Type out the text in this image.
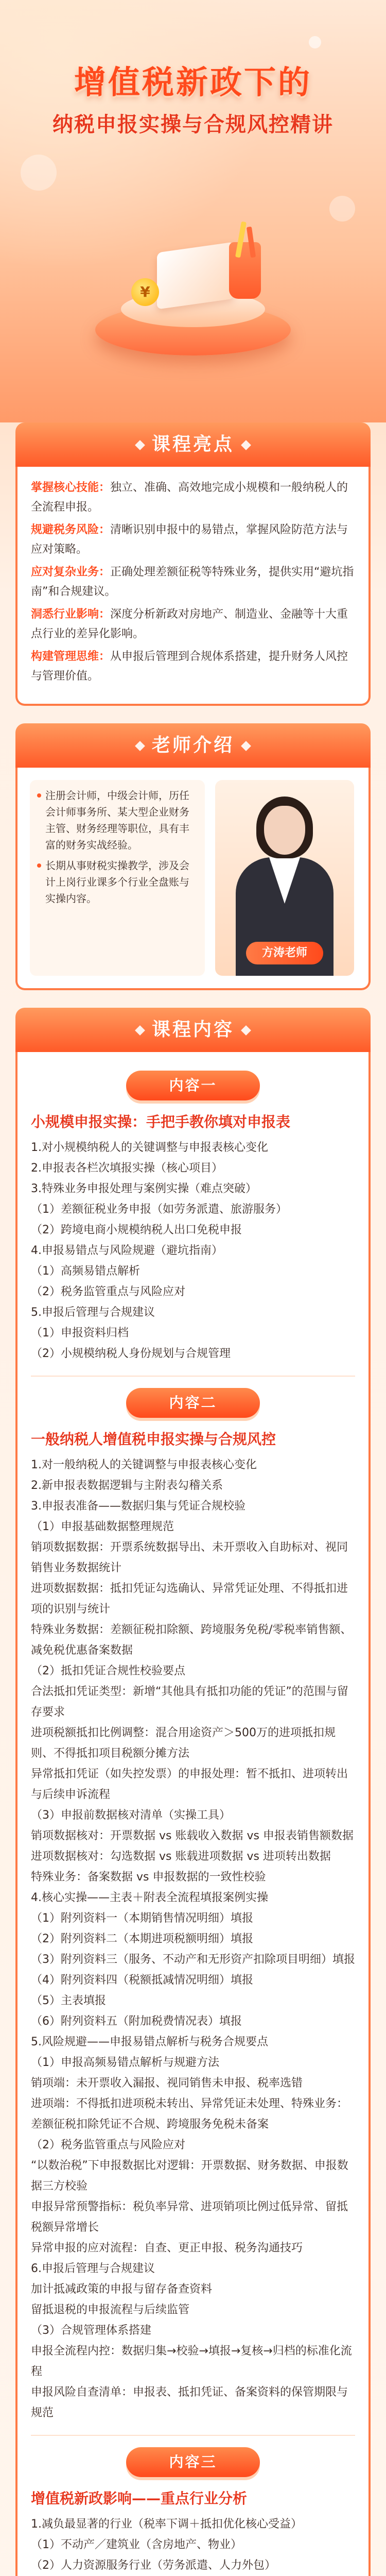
增值税新政下的
纳税申报实操与合规风控精讲
¥
课程亮点

掌握核心技能：独立、准确、高效地完成小规模和一般纳税人的全流程申报。

规避税务风险：清晰识别申报中的易错点，掌握风险防范方法与应对策略。

应对复杂业务：正确处理差额征税等特殊业务，提供实用“避坑指南”和合规建议。

洞悉行业影响：深度分析新政对房地产、制造业、金融等十大重点行业的差异化影响。

构建管理思维：从申报后管理到合规体系搭建，提升财务人风控与管理价值。

老师介绍
注册会计师，中级会计师，历任会计师事务所、某大型企业财务主管、财务经理等职位，具有丰富的财务实战经验。
长期从事财税实操教学，涉及会计上岗行业课多个行业全盘账与实操内容。
方涛老师
课程内容
内容一
小规模申报实操：手把手教你填对申报表

1.对小规模纳税人的关键调整与申报表核心变化

2.申报表各栏次填报实操（核心项目）

3.特殊业务申报处理与案例实操（难点突破）

（1）差额征税业务申报（如劳务派遣、旅游服务）

（2）跨境电商小规模纳税人出口免税申报

4.申报易错点与风险规避（避坑指南）

（1）高频易错点解析

（2）税务监管重点与风险应对

5.申报后管理与合规建议

（1）申报资料归档

（2）小规模纳税人身份规划与合规管理

内容二
一般纳税人增值税申报实操与合规风控

1.对一般纳税人的关键调整与申报表核心变化

2.新申报表数据逻辑与主附表勾稽关系

3.申报表准备——数据归集与凭证合规校验

（1）申报基础数据整理规范

销项数据数据：开票系统数据导出、未开票收入自助标对、视同销售业务数据统计

进项数据数据：抵扣凭证勾选确认、异常凭证处理、不得抵扣进项的识别与统计

特殊业务数据：差额征税扣除额、跨境服务免税/零税率销售额、减免税优惠备案数据

（2）抵扣凭证合规性校验要点

合法抵扣凭证类型：新增“其他具有抵扣功能的凭证”的范围与留存要求

进项税额抵扣比例调整：混合用途资产＞500万的进项抵扣规则、不得抵扣项目税额分摊方法

异常抵扣凭证（如失控发票）的申报处理：暂不抵扣、进项转出与后续申诉流程

（3）申报前数据核对清单（实操工具）

销项数据核对：开票数据 vs 账载收入数据 vs 申报表销售额数据

进项数据核对：勾选数据 vs 账载进项数据 vs 进项转出数据

特殊业务：备案数据 vs 申报数据的一致性校验

4.核心实操——主表＋附表全流程填报案例实操

（1）附列资料一（本期销售情况明细）填报

（2）附列资料二（本期进项税额明细）填报

（3）附列资料三（服务、不动产和无形资产扣除项目明细）填报

（4）附列资料四（税额抵减情况明细）填报

（5）主表填报

（6）附列资料五（附加税费情况表）填报

5.风险规避——申报易错点解析与税务合规要点

（1）申报高频易错点解析与规避方法

销项端：未开票收入漏报、视同销售未申报、税率选错

进项端：不得抵扣进项税未转出、异常凭证未处理、特殊业务：差额征税扣除凭证不合规、跨境服务免税未备案

（2）税务监管重点与风险应对

“以数治税”下申报数据比对逻辑：开票数据、财务数据、申报数据三方校验

申报异常预警指标：税负率异常、进项销项比例过低异常、留抵税额异常增长

异常申报的应对流程：自查、更正申报、税务沟通技巧

6.申报后管理与合规建议

加计抵减政策的申报与留存备查资料

留抵退税的申报流程与后续监管

（3）合规管理体系搭建

申报全流程内控：数据归集→校验→填报→复核→归档的标准化流程

申报风险自查清单：申报表、抵扣凭证、备案资料的保管期限与规范

内容三
增值税新政影响——重点行业分析

1.减负最显著的行业（税率下调＋抵扣优化核心受益）

（1）不动产／建筑业（含房地产、物业）

（2）人力资源服务行业（劳务派遣、人力外包）
